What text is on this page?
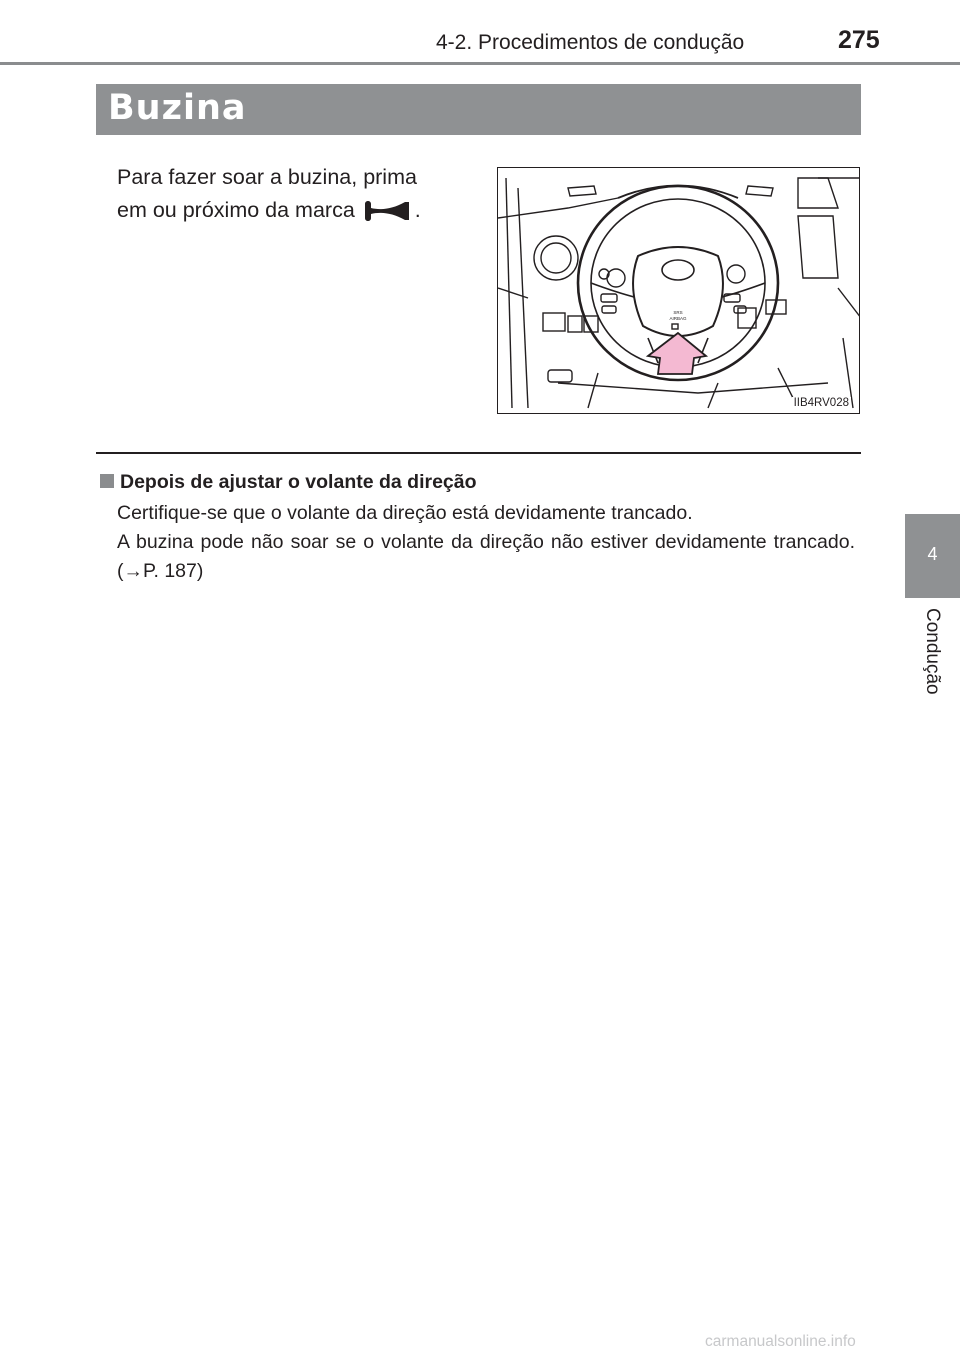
4-2. Procedimentos de condução	275
Buzina
Para fazer soar a buzina, prima
em ou próximo da marca	.
SRS
AIRBAG
IIB4RV028
Depois de ajustar o volante da direção

Certifique-se que o volante da direção está devidamente trancado.

A buzina pode não soar se o volante da direção não estiver devidamente trancado. (→P. 187)

4
Condução
carmanualsonline.info
